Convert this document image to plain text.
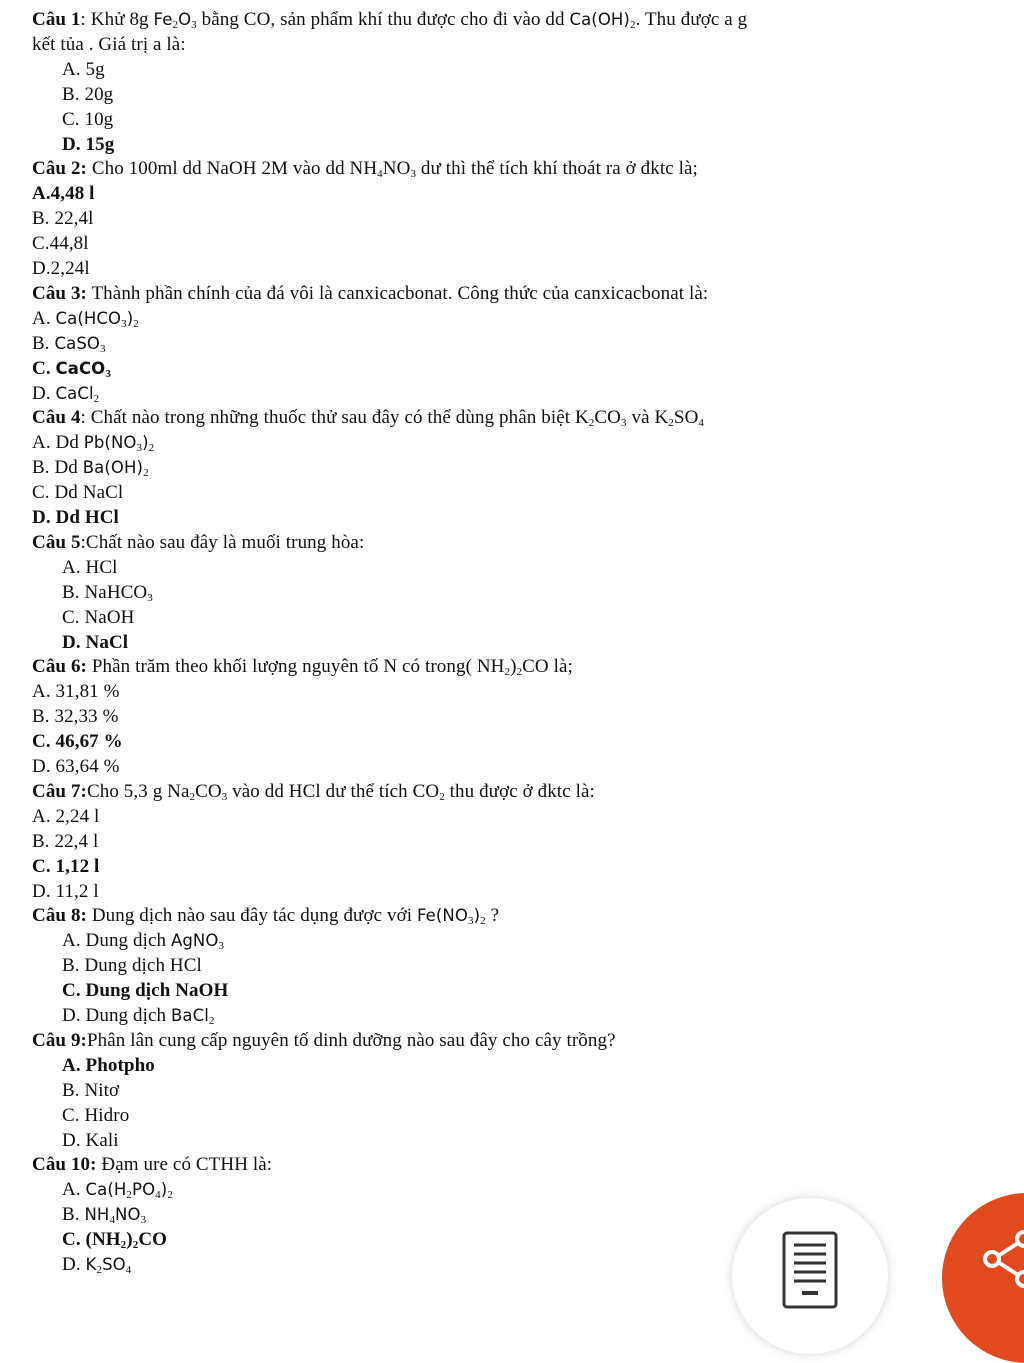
Câu 1: Khử 8g $Fe_2O_3$ bằng CO, sản phẩm khí thu được cho đi vào dd $Ca(OH)_2$. Thu được a g
kết tủa . Giá trị a là:
A. 5g
B. 20g
C. 10g
D. 15g
Câu 2: Cho 100ml dd NaOH 2M vào dd $NH_4NO_3$ dư thì thể tích khí thoát ra ở đktc là;
A.4,48 l
B. 22,4l
C.44,8l
D.2,24l
Câu 3: Thành phần chính của đá vôi là canxicacbonat. Công thức của canxicacbonat là:
A. $Ca(HCO_3)_2$
B. CaSO$_3$
C. CaCO$_3$
D. CaCl$_2$
Câu 4: Chất nào trong những thuốc thử sau đây có thể dùng phân biệt $K_2CO_3$ và $K_2SO_4$
A. Dd $Pb(NO_3)_2$
B. Dd $Ba(OH)_2$
C. Dd NaCl
D. Dd HCl
Câu 5:Chất nào sau đây là muối trung hòa:
A. HCl
B. NaHCO$_3$
C. NaOH
D. NaCl
Câu 6: Phần trăm theo khối lượng nguyên tố N có trong( $NH_2)_2CO$ là;
A. 31,81 %
B. 32,33 %
C. 46,67 %
D. 63,64 %
Câu 7:Cho 5,3 g $Na_2CO_3$ vào dd HCl dư thể tích $CO_2$ thu được ở đktc là:
A. 2,24 l
B. 22,4 l
C. 1,12 l
D. 11,2 l
Câu 8: Dung dịch nào sau đây tác dụng được với $Fe(NO_3)_2$ ?
A. Dung dịch AgNO$_3$
B. Dung dịch HCl
C. Dung dịch NaOH
D. Dung dịch BaCl$_2$
Câu 9:Phân lân cung cấp nguyên tố dinh dưỡng nào sau đây cho cây trồng?
A. Photpho
B. Nitơ
C. Hidro
D. Kali
Câu 10: Đạm ure có CTHH là:
A. $Ca(H_2PO_4)_2$
B. $NH_4NO_3$
C. $(NH_2)_2CO$
D. $K_2SO_4$
